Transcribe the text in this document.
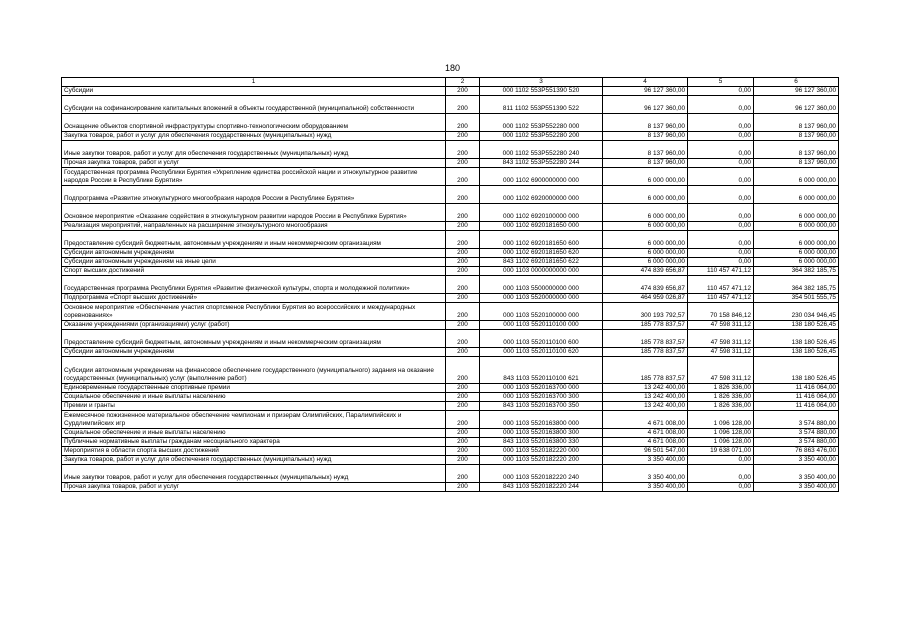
180
1	2	3	4	5	6
Субсидии	200	000 1102 553P551390 520	96 127 360,00	0,00	96 127 360,00
Субсидии на софинансирование капитальных вложений в объекты государственной (муниципальной) собственности	200	811 1102 553P551390 522	96 127 360,00	0,00	96 127 360,00
Оснащение объектов спортивной инфраструктуры спортивно-технологическим оборудованием	200	000 1102 553P552280 000	8 137 960,00	0,00	8 137 960,00
Закупка товаров, работ и услуг для обеспечения государственных (муниципальных) нужд	200	000 1102 553P552280 200	8 137 960,00	0,00	8 137 960,00
Иные закупки товаров, работ и услуг для обеспечения государственных (муниципальных) нужд	200	000 1102 553P552280 240	8 137 960,00	0,00	8 137 960,00
Прочая закупка товаров, работ и услуг	200	843 1102 553P552280 244	8 137 960,00	0,00	8 137 960,00
Государственная программа Республики Бурятия «Укрепление единства российской нации и этнокультурное развитие народов России в Республике Бурятия»	200	000 1102 6900000000 000	6 000 000,00	0,00	6 000 000,00
Подпрограмма «Развитие этнокультурного многообразия народов России в Республике Бурятия»	200	000 1102 6920000000 000	6 000 000,00	0,00	6 000 000,00
Основное мероприятие «Оказание содействия в этнокультурном развитии народов России в Республике Бурятия»	200	000 1102 6920100000 000	6 000 000,00	0,00	6 000 000,00
Реализация мероприятий, направленных на расширение этнокультурного многообразия	200	000 1102 6920181650 000	6 000 000,00	0,00	6 000 000,00
Предоставление субсидий бюджетным, автономным учреждениям и иным некоммерческим организациям	200	000 1102 6920181650 600	6 000 000,00	0,00	6 000 000,00
Субсидии автономным учреждениям	200	000 1102 6920181650 620	6 000 000,00	0,00	6 000 000,00
Субсидии автономным учреждениям на иные цели	200	843 1102 6920181650 622	6 000 000,00	0,00	6 000 000,00
Спорт высших достижений	200	000 1103 0000000000 000	474 839 656,87	110 457 471,12	364 382 185,75
Государственная программа Республики Бурятия «Развитие физической культуры, спорта и молодежной политики»	200	000 1103 5500000000 000	474 839 656,87	110 457 471,12	364 382 185,75
Подпрограмма «Спорт высших достижений»	200	000 1103 5520000000 000	464 959 026,87	110 457 471,12	354 501 555,75
Основное мероприятие «Обеспечение участия спортсменов Республики Бурятия во всероссийских и международных соревнованиях»	200	000 1103 5520100000 000	300 193 792,57	70 158 846,12	230 034 946,45
Оказание учреждениями (организациями) услуг (работ)	200	000 1103 5520110100 000	185 778 837,57	47 598 311,12	138 180 526,45
Предоставление субсидий бюджетным, автономным учреждениям и иным некоммерческим организациям	200	000 1103 5520110100 600	185 778 837,57	47 598 311,12	138 180 526,45
Субсидии автономным учреждениям	200	000 1103 5520110100 620	185 778 837,57	47 598 311,12	138 180 526,45
Субсидии автономным учреждениям на финансовое обеспечение государственного (муниципального) задания на оказание государственных (муниципальных) услуг (выполнение работ)	200	843 1103 5520110100 621	185 778 837,57	47 598 311,12	138 180 526,45
Единовременные государственные спортивные премии	200	000 1103 5520163700 000	13 242 400,00	1 826 336,00	11 416 064,00
Социальное обеспечение и иные выплаты населению	200	000 1103 5520163700 300	13 242 400,00	1 826 336,00	11 416 064,00
Премии и гранты	200	843 1103 5520163700 350	13 242 400,00	1 826 336,00	11 416 064,00
Ежемесячное пожизненное материальное обеспечение чемпионам и призерам Олимпийских, Паралимпийских и Сурдлимпийских игр	200	000 1103 5520163800 000	4 671 008,00	1 096 128,00	3 574 880,00
Социальное обеспечение и иные выплаты населению	200	000 1103 5520163800 300	4 671 008,00	1 096 128,00	3 574 880,00
Публичные нормативные выплаты гражданам несоциального характера	200	843 1103 5520163800 330	4 671 008,00	1 096 128,00	3 574 880,00
Мероприятия в области спорта высших достижений	200	000 1103 5520182220 000	96 501 547,00	19 638 071,00	76 863 476,00
Закупка товаров, работ и услуг для обеспечения государственных (муниципальных) нужд	200	000 1103 5520182220 200	3 350 400,00	0,00	3 350 400,00
Иные закупки товаров, работ и услуг для обеспечения государственных (муниципальных) нужд	200	000 1103 5520182220 240	3 350 400,00	0,00	3 350 400,00
Прочая закупка товаров, работ и услуг	200	843 1103 5520182220 244	3 350 400,00	0,00	3 350 400,00
